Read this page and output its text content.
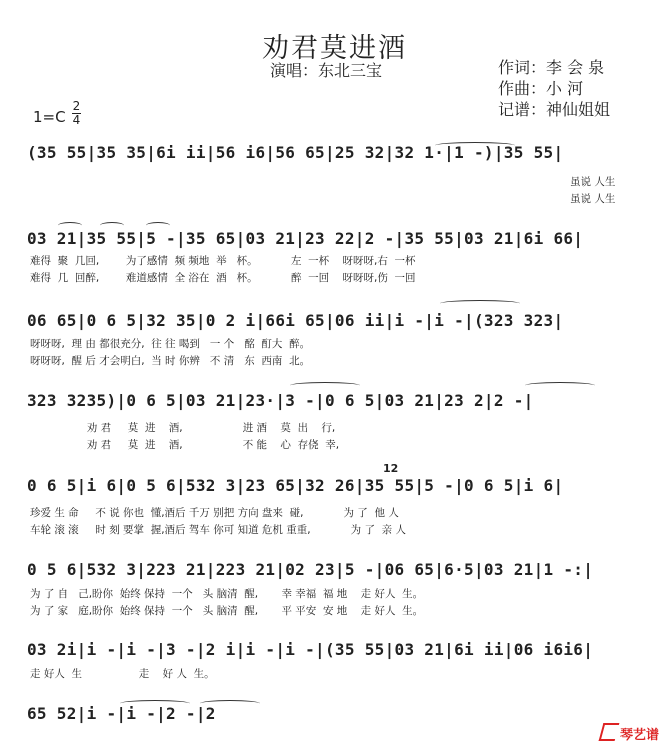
劝君莫进酒
演唱：东北三宝	作词：李 会 泉
作曲：小 河
记谱：神仙姐姐
1=C
2
4
(35 55|35 35|6i ii|56 i6|56 65|25 32|32 1·|1 -)|35 55|
虽说 人生
虽说 人生
03 21|35 55|5 -|35 65|03 21|23 22|2 -|35 55|03 21|6i 66|
难得  聚  几回,        为了感情  频 频地  举   杯。          左  一杯    呀呀呀,右  一杯
难得  几  回醉,        难道感情  全 浴在  酒   杯。          醉  一回    呀呀呀,伤  一回
06 65|0 6 5|32 35|0 2 i|66i 65|06 ii|i -|i -|(323 323|
呀呀呀,  理 由 都很充分,  往 往 喝到   一 个   酩  酊大  醉。
呀呀呀,  醒 后 才会明白,  当 时 你辨   不 清   东  西南  北。
323 3235)|0 6 5|03 21|23·|3 -|0 6 5|03 21|23 2|2 -|
劝 君     莫  进    酒,                  进 酒    莫  出    行,
劝 君     莫  进    酒,                  不 能    心  存侥  幸,
12
0 6 5|i 6|0 5 6|532 3|23 65|32 26|35 55|5 -|0 6 5|i 6|
珍爱 生 命     不 说 你也  懂,酒后 千万 别把 方向 盘来  碰,            为 了  他 人
车轮 滚 滚     时 刻 要掌  握,酒后 驾车 你可 知道 危机 重重,            为 了  亲 人
0 5 6|532 3|223 21|223 21|02 23|5 -|06 65|6·5|03 21|1 -:|
为 了 自   己,盼你  始终 保持  一个   头 脑清  醒,       幸 幸福  福 地    走 好人  生。
为 了 家   庭,盼你  始终 保持  一个   头 脑清  醒,       平 平安  安 地    走 好人  生。
03 2i|i -|i -|3 -|2 i|i -|i -|(35 55|03 21|6i ii|06 i6i6|
走 好人  生                 走    好 人  生。
65 52|i -|i -|2 -|2
琴艺谱
